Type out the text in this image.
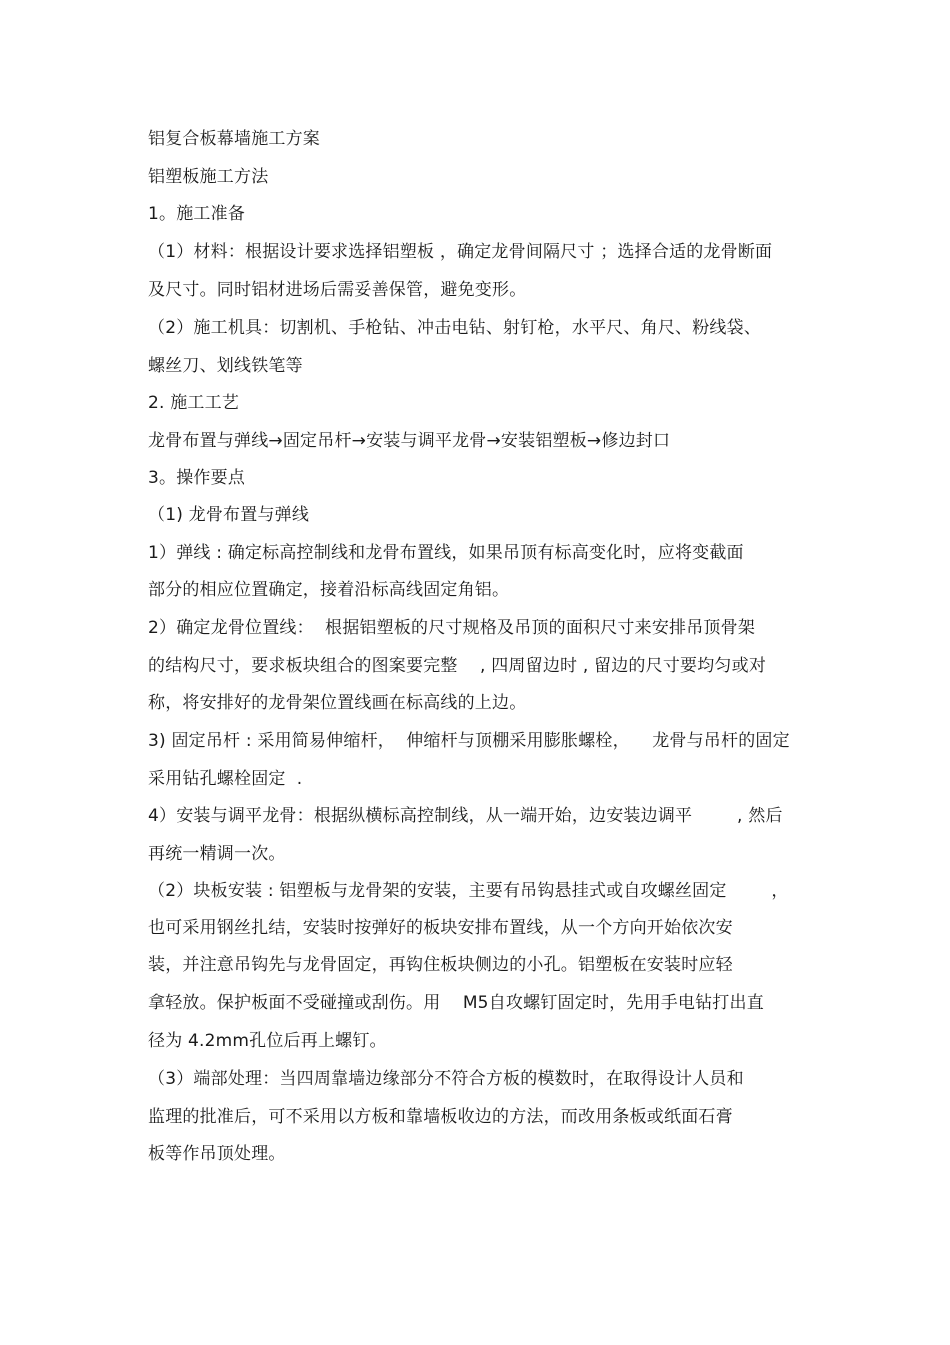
铝复合板幕墙施工方案
铝塑板施工方法
1。施工准备
（1）材料：根据设计要求选择铝塑板 ，确定龙骨间隔尺寸 ；选择合适的龙骨断面
及尺寸。同时铝材进场后需妥善保管，避免变形。
（2）施工机具：切割机、手枪钻、冲击电钻、射钉枪，水平尺、角尺、粉线袋、
螺丝刀、划线铁笔等
2. 施工工艺
龙骨布置与弹线→固定吊杆→安装与调平龙骨→安装铝塑板→修边封口
3。操作要点
（1) 龙骨布置与弹线
1）弹线 : 确定标高控制线和龙骨布置线，如果吊顶有标高变化时，应将变截面
部分的相应位置确定，接着沿标高线固定角铝。
2）确定龙骨位置线：  根据铝塑板的尺寸规格及吊顶的面积尺寸来安排吊顶骨架
的结构尺寸，要求板块组合的图案要完整    , 四周留边时 , 留边的尺寸要均匀或对
称，将安排好的龙骨架位置线画在标高线的上边。
3) 固定吊杆 : 采用简易伸缩杆，  伸缩杆与顶棚采用膨胀螺栓，    龙骨与吊杆的固定
采用钻孔螺栓固定  .
4）安装与调平龙骨：根据纵横标高控制线，从一端开始，边安装边调平        , 然后
再统一精调一次。
（2）块板安装 : 铝塑板与龙骨架的安装，主要有吊钩悬挂式或自攻螺丝固定        ，
也可采用钢丝扎结，安装时按弹好的板块安排布置线，从一个方向开始依次安
装，并注意吊钩先与龙骨固定，再钩住板块侧边的小孔。铝塑板在安装时应轻
拿轻放。保护板面不受碰撞或刮伤。用    M5自攻螺钉固定时，先用手电钻打出直
径为 4.2mm孔位后再上螺钉。
（3）端部处理：当四周靠墙边缘部分不符合方板的模数时，在取得设计人员和
监理的批准后，可不采用以方板和靠墙板收边的方法，而改用条板或纸面石膏
板等作吊顶处理。
